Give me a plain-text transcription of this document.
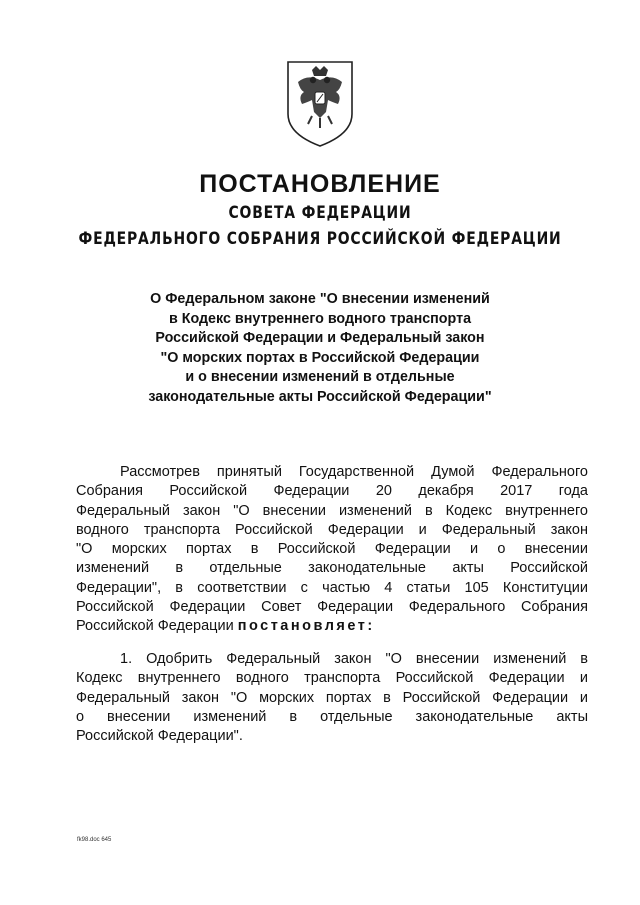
ПОСТАНОВЛЕНИЕ
СОВЕТА ФЕДЕРАЦИИ
ФЕДЕРАЛЬНОГО СОБРАНИЯ РОССИЙСКОЙ ФЕДЕРАЦИИ
О Федеральном законе "О внесении изменений
в Кодекс внутреннего водного транспорта
Российской Федерации и Федеральный закон
"О морских портах в Российской Федерации
и о внесении изменений в отдельные
законодательные акты Российской Федерации"
Рассмотрев принятый Государственной Думой Федерального
Собрания Российской Федерации 20 декабря 2017 года
Федеральный закон "О внесении изменений в Кодекс внутреннего
водного транспорта Российской Федерации и Федеральный закон
"О морских портах в Российской Федерации и о внесении
изменений в отдельные законодательные акты Российской
Федерации", в соответствии с частью 4 статьи 105 Конституции
Российской Федерации Совет Федерации Федерального Собрания
Российской Федерации постановляет:
1. Одобрить Федеральный закон "О внесении изменений в
Кодекс внутреннего водного транспорта Российской Федерации и
Федеральный закон "О морских портах в Российской Федерации и
о внесении изменений в отдельные законодательные акты
Российской Федерации".
fk98.doc 645
